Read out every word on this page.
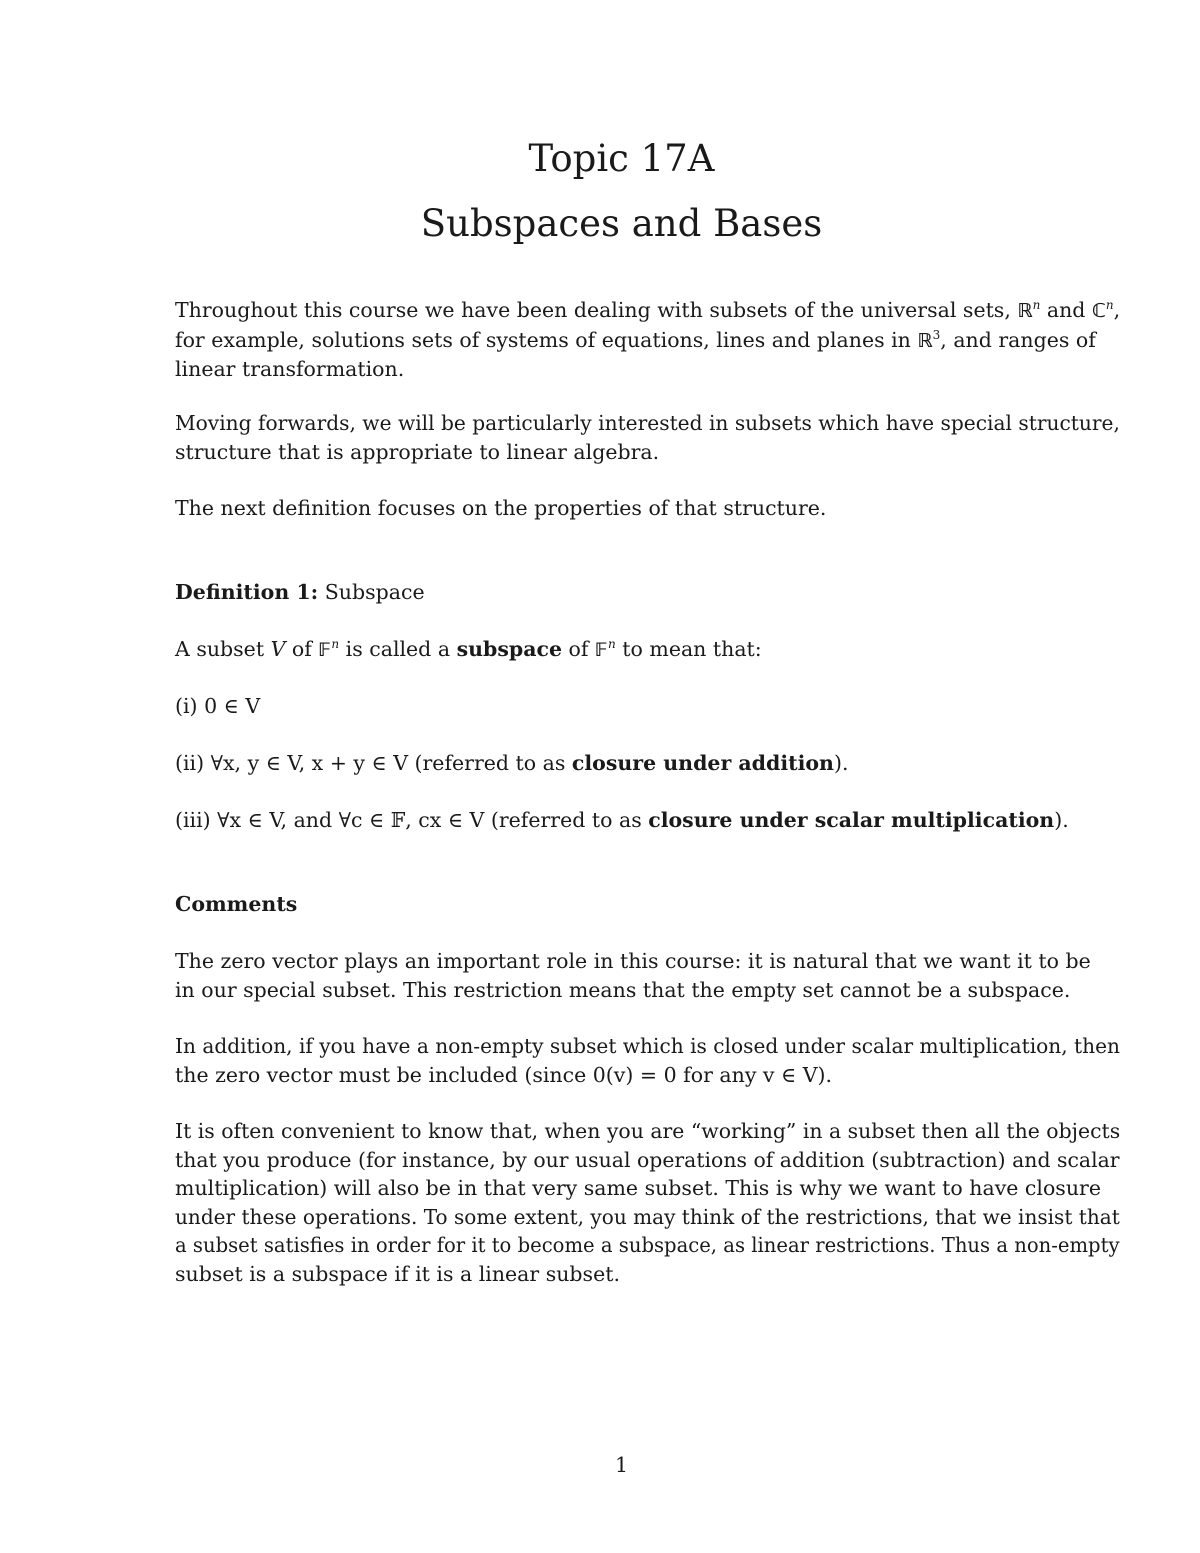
Topic 17A
Subspaces and Bases

Throughout this course we have been dealing with subsets of the universal sets, ℝ$^n$ and ℂ$^n$,
for example, solutions sets of systems of equations, lines and planes in ℝ$^3$, and ranges of
linear transformation.

Moving forwards, we will be particularly interested in subsets which have special structure,
structure that is appropriate to linear algebra.

The next definition focuses on the properties of that structure.

Definition 1: Subspace

A subset V of 𝔽$^n$ is called a subspace of 𝔽$^n$ to mean that:

(i) 0 ∈ V

(ii) ∀x, y ∈ V, x + y ∈ V (referred to as closure under addition).

(iii) ∀x ∈ V, and ∀c ∈ 𝔽, cx ∈ V (referred to as closure under scalar multiplication).

Comments

The zero vector plays an important role in this course: it is natural that we want it to be
in our special subset. This restriction means that the empty set cannot be a subspace.

In addition, if you have a non-empty subset which is closed under scalar multiplication, then
the zero vector must be included (since 0(v) = 0 for any v ∈ V).

It is often convenient to know that, when you are “working” in a subset then all the objects
that you produce (for instance, by our usual operations of addition (subtraction) and scalar
multiplication) will also be in that very same subset. This is why we want to have closure
under these operations. To some extent, you may think of the restrictions, that we insist that
a subset satisfies in order for it to become a subspace, as linear restrictions. Thus a non-empty
subset is a subspace if it is a linear subset.

1
